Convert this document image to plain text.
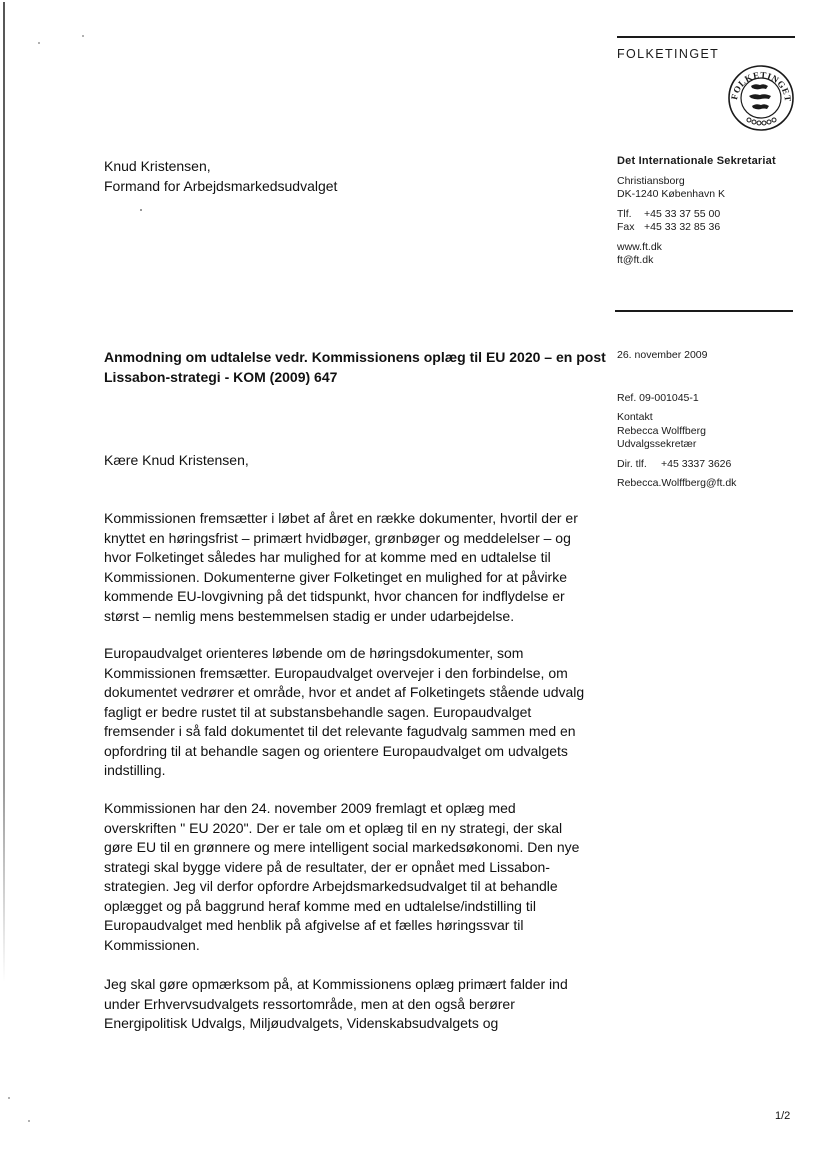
FOLKETINGET
FOLKETINGET
Det Internationale Sekretariat
Christiansborg
DK-1240 København K
Tlf.	+45 33 37 55 00
Fax +45 33 32 85 36
www.ft.dk
ft@ft.dk
26. november 2009
Ref. 09-001045-1
Kontakt
Rebecca Wolffberg
Udvalgssekretær
Dir. tlf.	+45 3337 3626
Rebecca.Wolffberg@ft.dk
Knud Kristensen,
Formand for Arbejdsmarkedsudvalget
Anmodning om udtalelse vedr. Kommissionens oplæg til EU 2020 – en post
Lissabon-strategi - KOM (2009) 647
Kære Knud Kristensen,
Kommissionen fremsætter i løbet af året en række dokumenter, hvortil der er
knyttet en høringsfrist – primært hvidbøger, grønbøger og meddelelser – og
hvor Folketinget således har mulighed for at komme med en udtalelse til
Kommissionen. Dokumenterne giver Folketinget en mulighed for at påvirke
kommende EU-lovgivning på det tidspunkt, hvor chancen for indflydelse er
størst – nemlig mens bestemmelsen stadig er under udarbejdelse.
Europaudvalget orienteres løbende om de høringsdokumenter, som
Kommissionen fremsætter. Europaudvalget overvejer i den forbindelse, om
dokumentet vedrører et område, hvor et andet af Folketingets stående udvalg
fagligt er bedre rustet til at substansbehandle sagen. Europaudvalget
fremsender i så fald dokumentet til det relevante fagudvalg sammen med en
opfordring til at behandle sagen og orientere Europaudvalget om udvalgets
indstilling.
Kommissionen har den 24. november 2009 fremlagt et oplæg med
overskriften " EU 2020". Der er tale om et oplæg til en ny strategi, der skal
gøre EU til en grønnere og mere intelligent social markedsøkonomi. Den nye
strategi skal bygge videre på de resultater, der er opnået med Lissabon-
strategien. Jeg vil derfor opfordre Arbejdsmarkedsudvalget til at behandle
oplægget og på baggrund heraf komme med en udtalelse/indstilling til
Europaudvalget med henblik på afgivelse af et fælles høringssvar til
Kommissionen.
Jeg skal gøre opmærksom på, at Kommissionens oplæg primært falder ind
under Erhvervsudvalgets ressortområde, men at den også berører
Energipolitisk Udvalgs, Miljøudvalgets, Videnskabsudvalgets og
1/2
